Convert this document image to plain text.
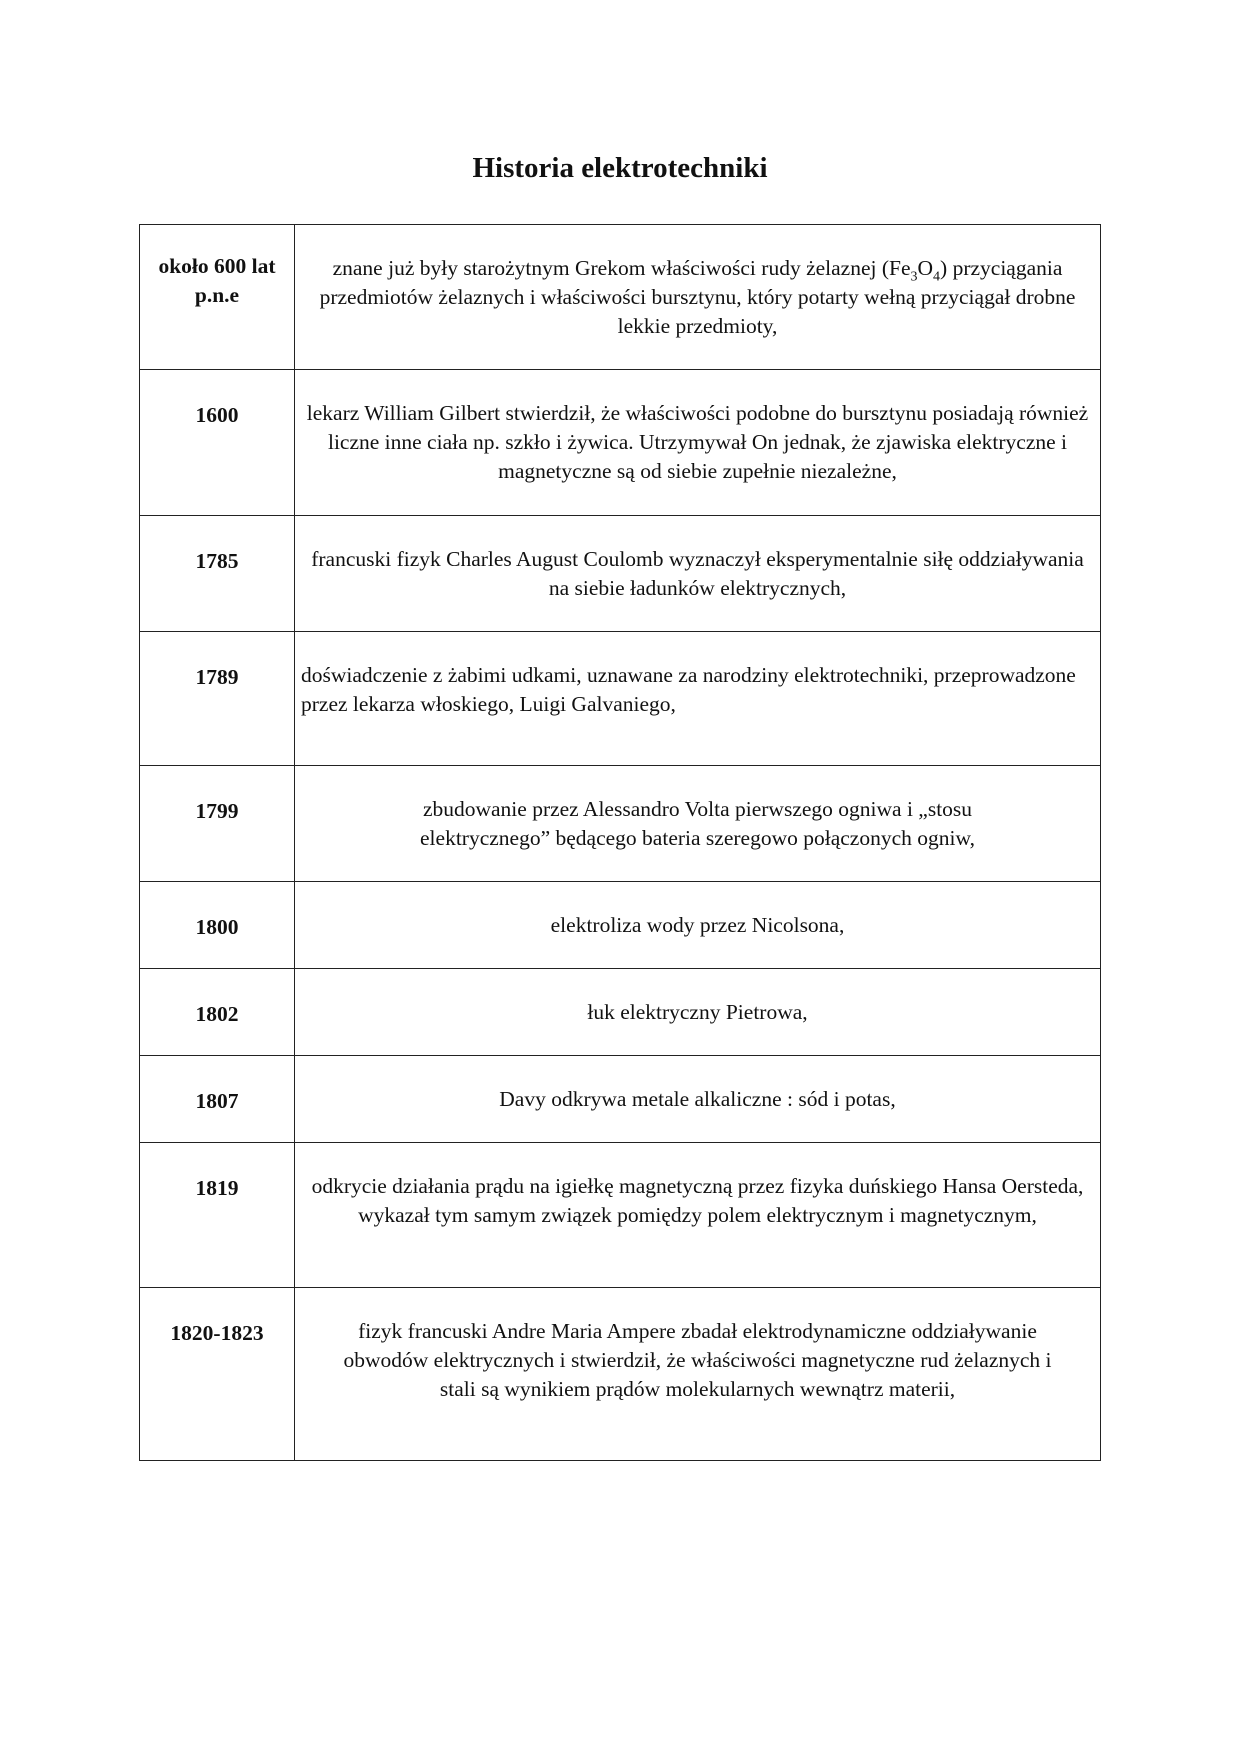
Historia elektrotechniki
około 600 lat p.n.e	znane już były starożytnym Grekom właściwości rudy żelaznej $(Fe_3O_4)$ przyciągania przedmiotów żelaznych i właściwości bursztynu, który potarty wełną przyciągał drobne lekkie przedmioty,

1600	lekarz William Gilbert stwierdził, że właściwości podobne do bursztynu posiadają również liczne inne ciała np. szkło i żywica. Utrzymywał On jednak, że zjawiska elektryczne i magnetyczne są od siebie zupełnie niezależne,

1785	francuski fizyk Charles August Coulomb wyznaczył eksperymentalnie siłę oddziaływania na siebie ładunków elektrycznych,

1789	doświadczenie z żabimi udkami, uznawane za narodziny elektrotechniki, przeprowadzone przez lekarza włoskiego, Luigi Galvaniego,

1799	zbudowanie przez Alessandro Volta pierwszego ogniwa i „stosu elektrycznego” będącego bateria szeregowo połączonych ogniw,

1800	elektroliza wody przez Nicolsona,

1802	łuk elektryczny Pietrowa,

1807	Davy odkrywa metale alkaliczne : sód i potas,

1819	odkrycie działania prądu na igiełkę magnetyczną przez fizyka duńskiego Hansa Oersteda, wykazał tym samym związek pomiędzy polem elektrycznym i magnetycznym,

1820-1823	fizyk francuski Andre Maria Ampere zbadał elektrodynamiczne oddziaływanie obwodów elektrycznych i stwierdził, że właściwości magnetyczne rud żelaznych i stali są wynikiem prądów molekularnych wewnątrz materii,
